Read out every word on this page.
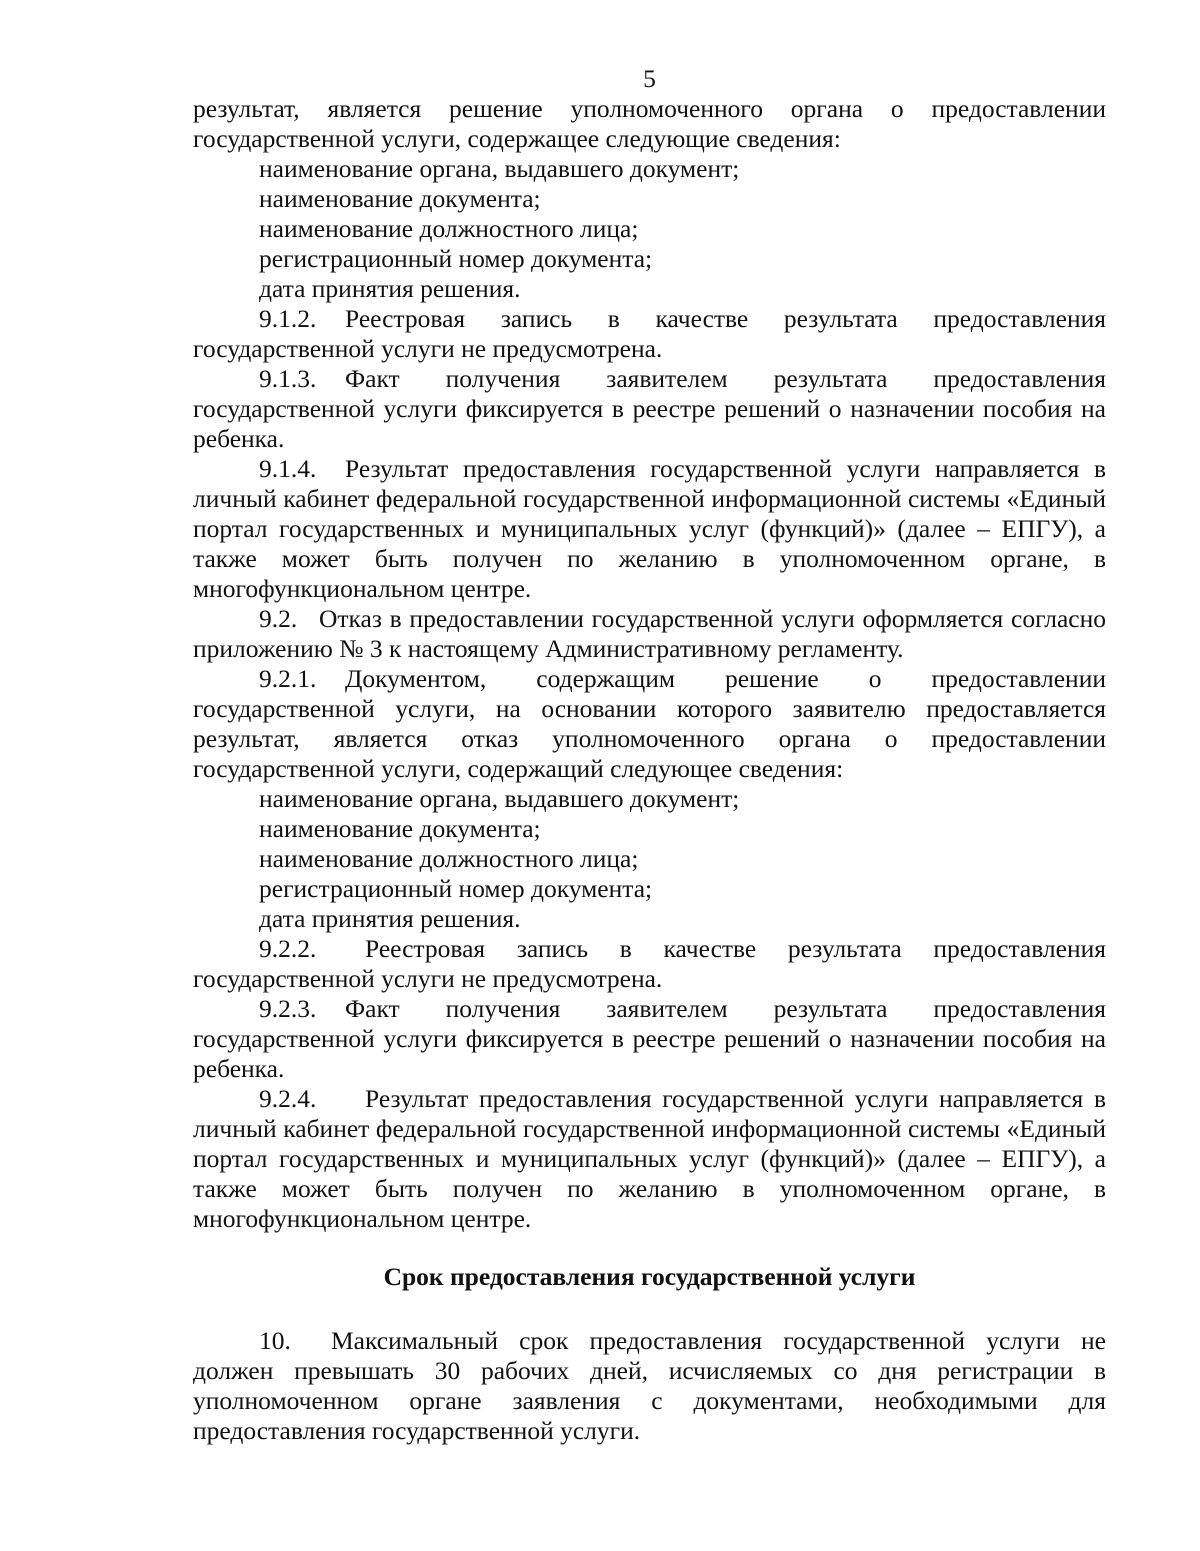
5

результат, является решение уполномоченного органа о предоставлении государственной услуги, содержащее следующие сведения:

наименование органа, выдавшего документ;

наименование документа;

наименование должностного лица;

регистрационный номер документа;

дата принятия решения.

9.1.2. Реестровая запись в качестве результата предоставления государственной услуги не предусмотрена.

9.1.3. Факт получения заявителем результата предоставления государственной услуги фиксируется в реестре решений о назначении пособия на ребенка.

9.1.4. Результат предоставления государственной услуги направляется в личный кабинет федеральной государственной информационной системы «Единый портал государственных и муниципальных услуг (функций)» (далее – ЕПГУ), а также может быть получен по желанию в уполномоченном органе, в многофункциональном центре.

9.2. Отказ в предоставлении государственной услуги оформляется согласно приложению № 3 к настоящему Административному регламенту.

9.2.1. Документом, содержащим решение о предоставлении государственной услуги, на основании которого заявителю предоставляется результат, является отказ уполномоченного органа о предоставлении государственной услуги, содержащий следующее сведения:

наименование органа, выдавшего документ;

наименование документа;

наименование должностного лица;

регистрационный номер документа;

дата принятия решения.

9.2.2. Реестровая запись в качестве результата предоставления государственной услуги не предусмотрена.

9.2.3. Факт получения заявителем результата предоставления государственной услуги фиксируется в реестре решений о назначении пособия на ребенка.

9.2.4. Результат предоставления государственной услуги направляется в личный кабинет федеральной государственной информационной системы «Единый портал государственных и муниципальных услуг (функций)» (далее – ЕПГУ), а также может быть получен по желанию в уполномоченном органе, в многофункциональном центре.

Срок предоставления государственной услуги

10. Максимальный срок предоставления государственной услуги не должен превышать 30 рабочих дней, исчисляемых со дня регистрации в уполномоченном органе заявления с документами, необходимыми для предоставления государственной услуги.
